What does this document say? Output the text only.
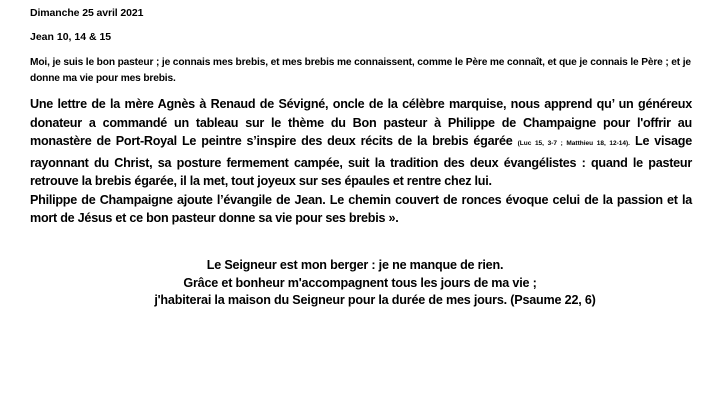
Dimanche 25 avril 2021
Jean 10, 14 & 15
Moi, je suis le bon pasteur ; je connais mes brebis, et mes brebis me connaissent, comme le Père me connaît, et que je connais le Père ; et je donne ma vie pour mes brebis.

Une lettre de la mère Agnès à Renaud de Sévigné, oncle de la célèbre marquise, nous apprend qu’ un généreux donateur a commandé un tableau sur le thème du Bon pasteur à Philippe de Champaigne pour l'offrir au monastère de Port-Royal Le peintre s’inspire des deux récits de la brebis égarée (Luc 15, 3-7 ; Matthieu 18, 12-14). Le visage rayonnant du Christ, sa posture fermement campée, suit la tradition des deux évangélistes : quand le pasteur retrouve la brebis égarée, il la met, tout joyeux sur ses épaules et rentre chez lui.

Philippe de Champaigne ajoute l’évangile de Jean. Le chemin couvert de ronces évoque celui de la passion et la mort de Jésus et ce bon pasteur donne sa vie pour ses brebis ».

Le Seigneur est mon berger : je ne manque de rien.
Grâce et bonheur m'accompagnent tous les jours de ma vie ;
j'habiterai la maison du Seigneur pour la durée de mes jours. (Psaume 22, 6)
